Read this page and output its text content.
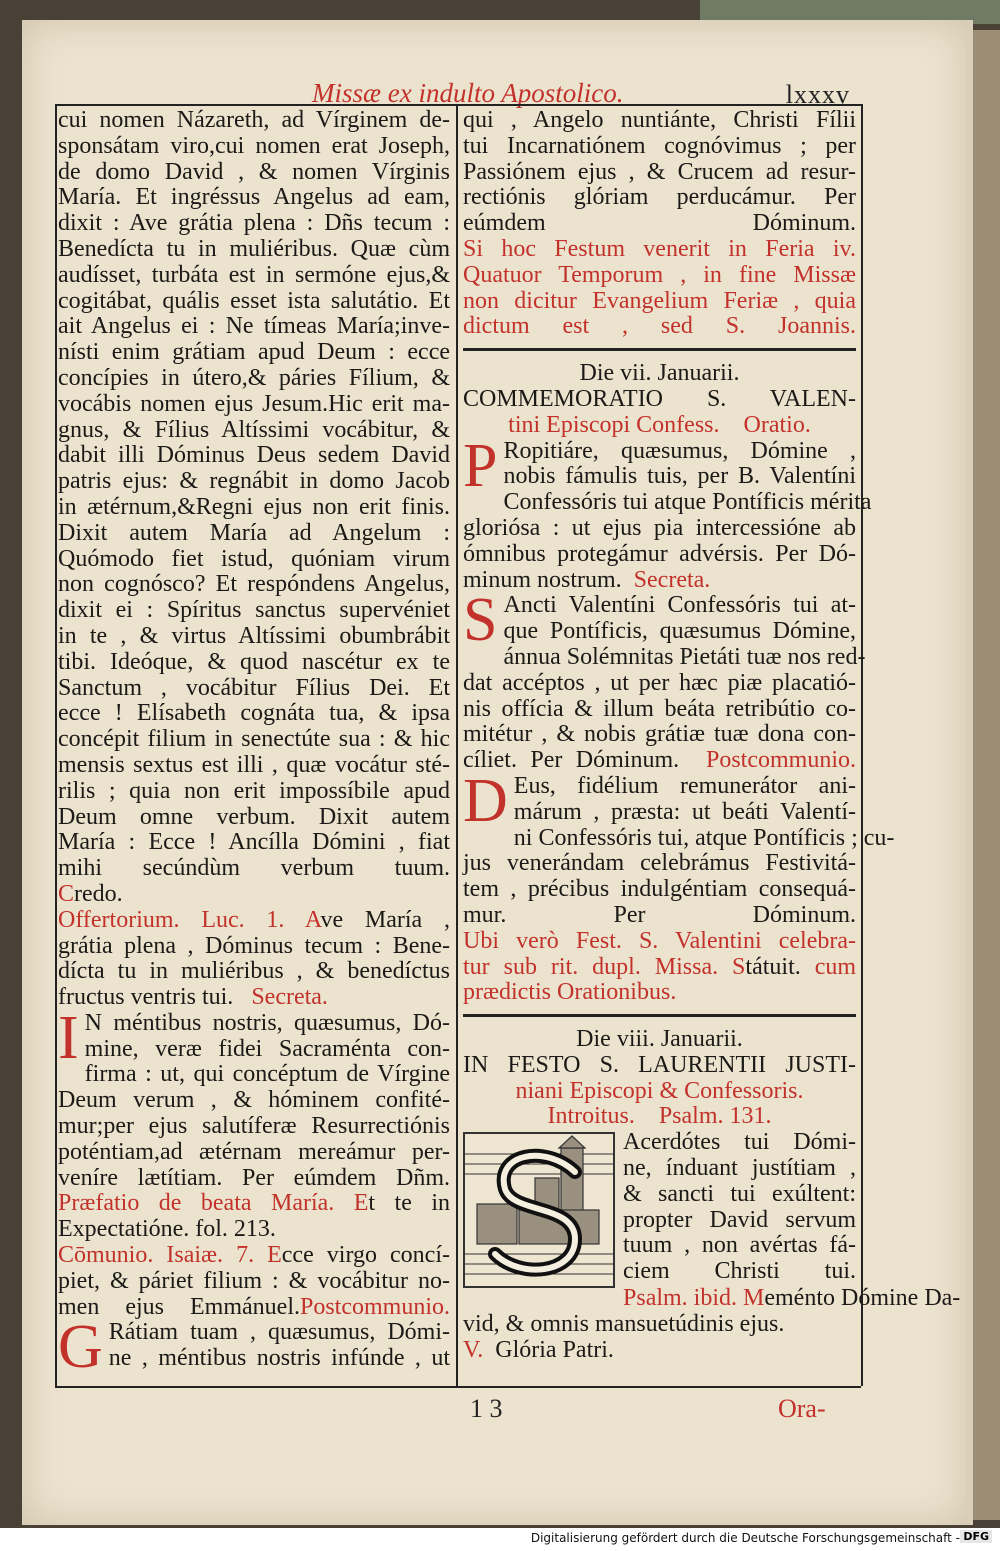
Missæ ex indulto Apostolico.	lxxxv
cui nomen Názareth, ad Vírginem de-
sponsátam viro,cui nomen erat Joseph,
de domo David , & nomen Vírginis
María. Et ingréssus Angelus ad eam,
dixit : Ave grátia plena : Dñs tecum :
Benedícta tu in muliéribus. Quæ cùm
audísset, turbáta est in sermóne ejus,&
cogitábat, quális esset ista salutátio. Et
ait Angelus ei : Ne tímeas María;inve-
nísti enim grátiam apud Deum : ecce
concípies in útero,& páries Fílium, &
vocábis nomen ejus Jesum.Hic erit ma-
gnus, & Fílius Altíssimi vocábitur, &
dabit illi Dóminus Deus sedem David
patris ejus: & regnábit in domo Jacob
in ætérnum,&Regni ejus non erit finis.
Dixit autem María ad Angelum :
Quómodo fiet istud, quóniam virum
non cognósco? Et respóndens Angelus,
dixit ei : Spíritus sanctus supervéniet
in te , & virtus Altíssimi obumbrábit
tibi. Ideóque, & quod nascétur ex te
Sanctum , vocábitur Fílius Dei. Et
ecce ! Elísabeth cognáta tua, & ipsa
concépit filium in senectúte sua : & hic
mensis sextus est illi , quæ vocátur sté-
rilis ; quia non erit impossíbile apud
Deum omne verbum. Dixit autem
María : Ecce ! Ancílla Dómini , fiat
mihi secúndùm verbum tuum.
Credo.
Offertorium. Luc. 1. Ave María ,
grátia plena , Dóminus tecum : Bene-
dícta tu in muliéribus , & benedíctus
fructus ventris tui. Secreta.
I N méntibus nostris, quæsumus, Dó-
mine, veræ fidei Sacraménta con-
firma : ut, qui concéptum de Vírgine
Deum verum , & hóminem confité-
mur;per ejus salutíferæ Resurrectiónis
poténtiam,ad ætérnam mereámur per-
veníre lætítiam. Per eúmdem Dñm.
Præfatio de beata María. Et te in
Expectatióne. fol. 213.
Cōmunio. Isaiæ. 7. Ecce virgo concí-
piet, & páriet filium : & vocábitur no-
men ejus Emmánuel.Postcommunio.
G Rátiam tuam , quæsumus, Dómi-
ne , méntibus nostris infúnde , ut
qui , Angelo nuntiánte, Christi Fílii
tui Incarnatiónem cognóvimus ; per
Passiónem ejus , & Crucem ad resur-
rectiónis glóriam perducámur. Per
eúmdem Dóminum.
Si hoc Festum venerit in Feria iv.
Quatuor Temporum , in fine Missæ
non dicitur Evangelium Feriæ , quia
dictum est , sed S. Joannis.
Die vii. Januarii.
COMMEMORATIO S. VALEN-
tini Episcopi Confess. Oratio.
P Ropitiáre, quæsumus, Dómine ,
nobis fámulis tuis, per B. Valentíni
Confessóris tui atque Pontíficis mérita
gloriósa : ut ejus pia intercessióne ab
ómnibus protegámur advérsis. Per Dó-
minum nostrum. Secreta.
S Ancti Valentíni Confessóris tui at-
que Pontíficis, quæsumus Dómine,
ánnua Solémnitas Pietáti tuæ nos red-
dat accéptos , ut per hæc piæ placatió-
nis offícia & illum beáta retribútio co-
mitétur , & nobis grátiæ tuæ dona con-
cíliet. Per Dóminum. Postcommunio.
D Eus, fidélium remunerátor ani-
márum , præsta: ut beáti Valentí-
ni Confessóris tui, atque Pontíficis ; cu-
jus venerándam celebrámus Festivitá-
tem , précibus indulgéntiam consequá-
mur. Per Dóminum.
Ubi verò Fest. S. Valentini celebra-
tur sub rit. dupl. Missa. Státuit. cum
prædictis Orationibus.
Die viii. Januarii.
IN FESTO S. LAURENTII JUSTI-
niani Episcopi & Confessoris.
Introitus. Psalm. 131.
Acerdótes tui Dómi-
ne, índuant justítiam ,
& sancti tui exúltent:
propter David servum
tuum , non avértas fá-
ciem Christi tui.
Psalm. ibid. Meménto Dómine Da-
vid, & omnis mansuetúdinis ejus.
V. Glória Patri.
1 3	Ora-
Digitalisierung gefördert durch die Deutsche Forschungsgemeinschaft - DFG
